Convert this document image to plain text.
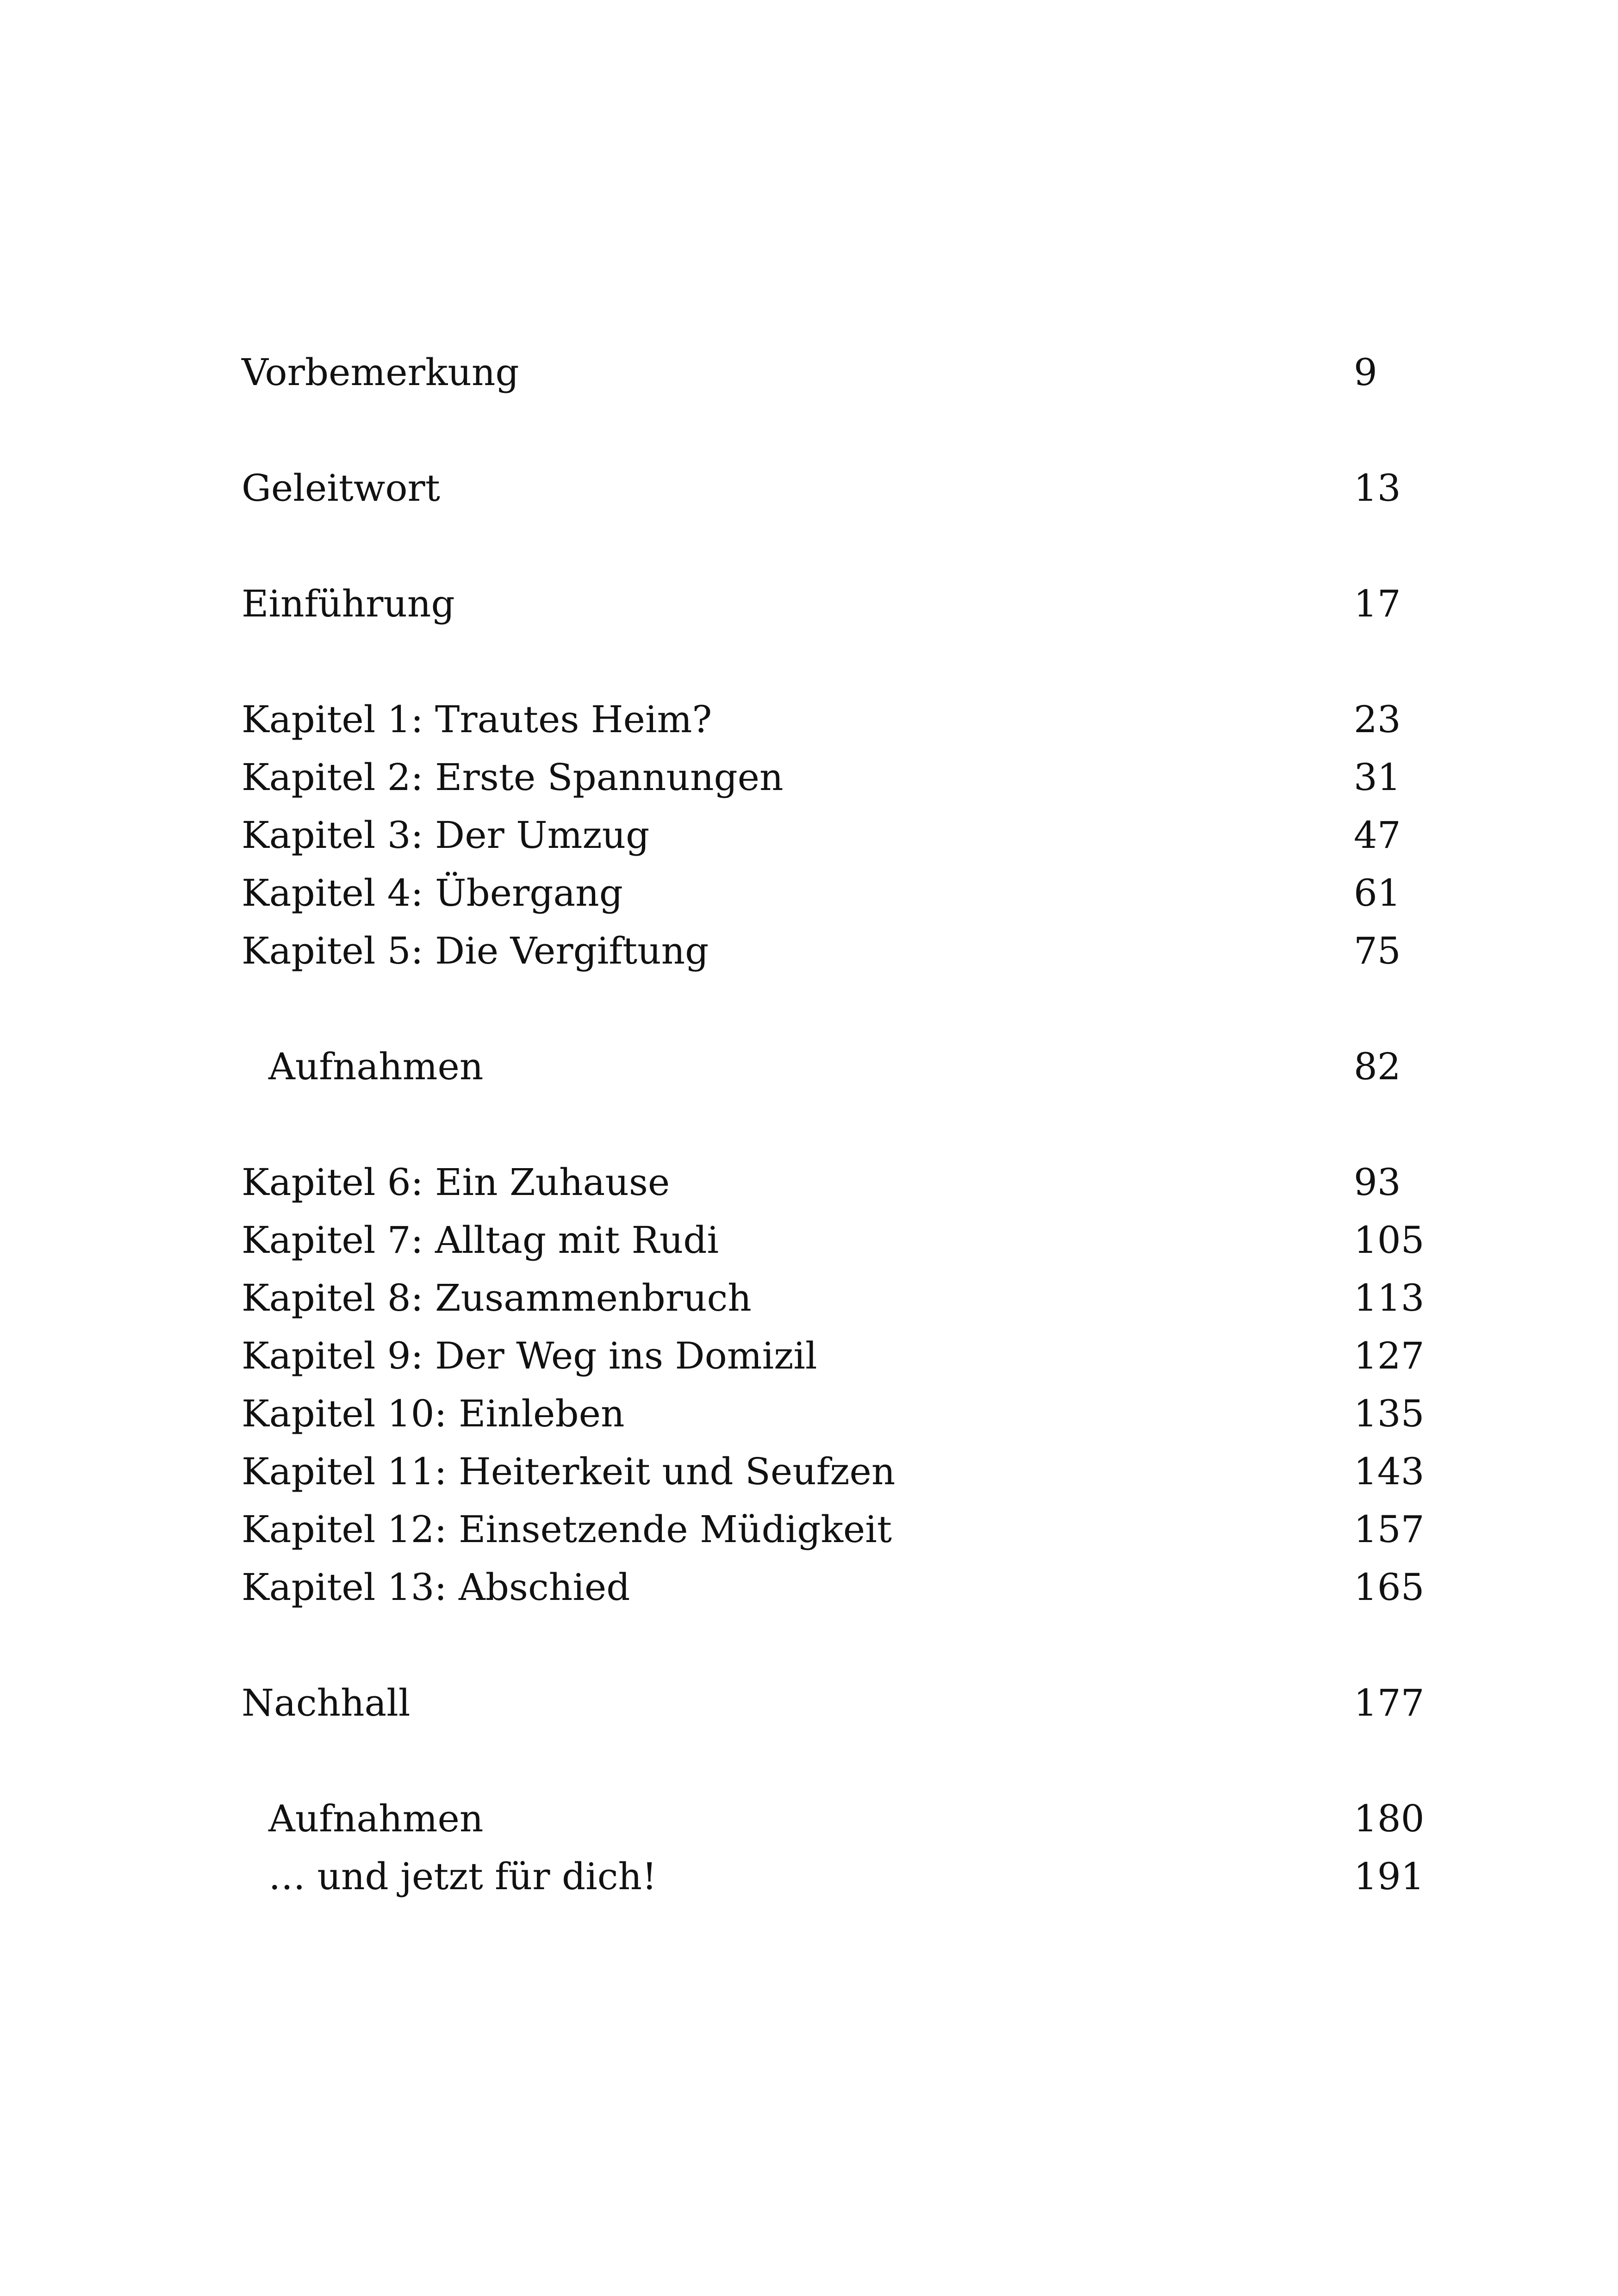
Vorbemerkung	9
Geleitwort	13
Einführung	17
Kapitel 1: Trautes Heim?	23
Kapitel 2: Erste Spannungen	31
Kapitel 3: Der Umzug	47
Kapitel 4: Übergang	61
Kapitel 5: Die Vergiftung	75
Aufnahmen	82
Kapitel 6: Ein Zuhause	93
Kapitel 7: Alltag mit Rudi	105
Kapitel 8: Zusammenbruch	113
Kapitel 9: Der Weg ins Domizil	127
Kapitel 10: Einleben	135
Kapitel 11: Heiterkeit und Seufzen	143
Kapitel 12: Einsetzende Müdigkeit	157
Kapitel 13: Abschied	165
Nachhall	177
Aufnahmen	180
… und jetzt für dich!	191
